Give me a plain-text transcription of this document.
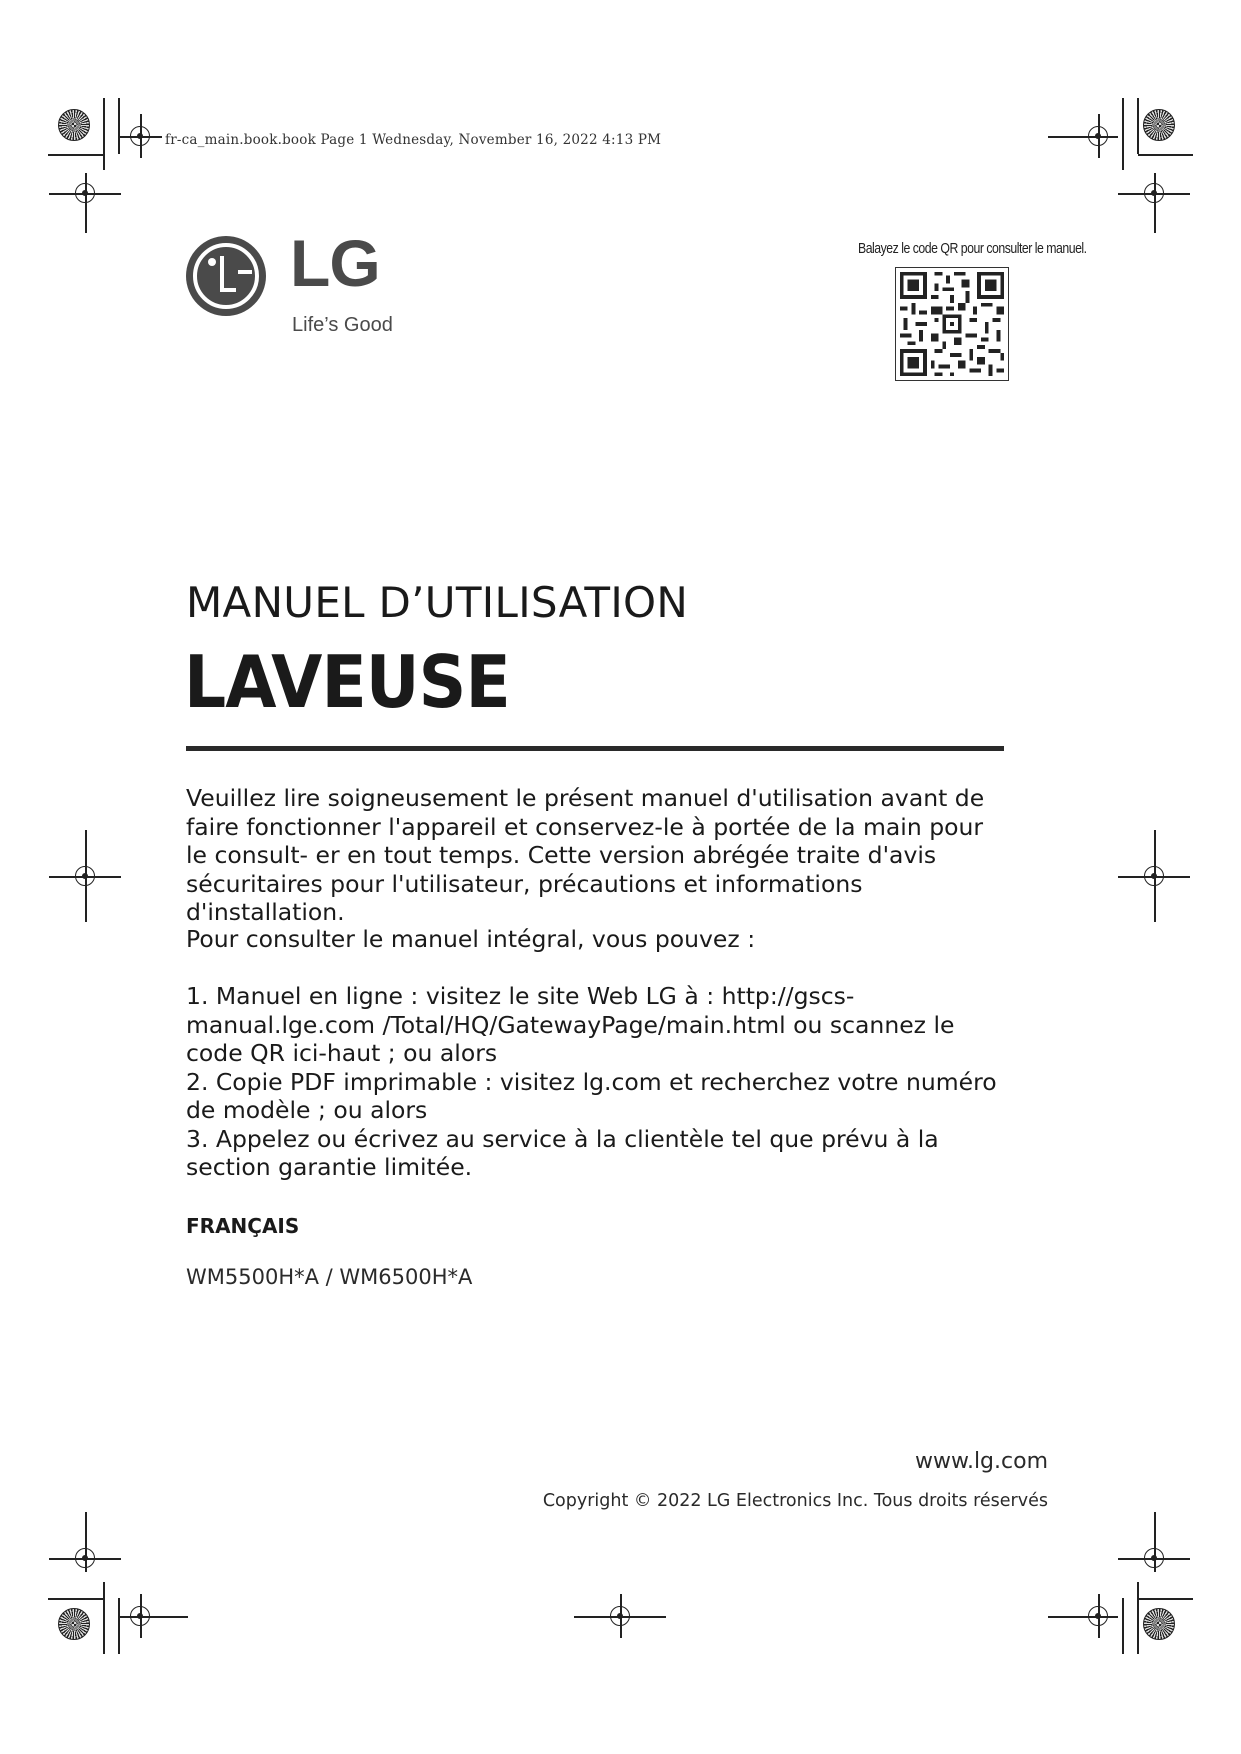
fr-ca_main.book.book Page 1 Wednesday, November 16, 2022 4:13 PM
LG
Life’s Good
Balayez le code QR pour consulter le manuel.
MANUEL D’UTILISATION
LAVEUSE
Veuillez lire soigneusement le présent manuel d'utilisation avant de faire fonctionner l'appareil et conservez-le à portée de la main pour le consult- er en tout temps. Cette version abrégée traite d'avis sécuritaires pour l'utilisateur, précautions et informations d'installation.
Pour consulter le manuel intégral, vous pouvez :
1. Manuel en ligne : visitez le site Web LG à : http://gscs-manual.lge.com /Total/HQ/GatewayPage/main.html ou scannez le code QR ici-haut ; ou alors
2. Copie PDF imprimable : visitez lg.com et recherchez votre numéro de modèle ; ou alors
3. Appelez ou écrivez au service à la clientèle tel que prévu à la section garantie limitée.
FRANÇAIS
WM5500H*A / WM6500H*A
www.lg.com
Copyright © 2022 LG Electronics Inc. Tous droits réservés
